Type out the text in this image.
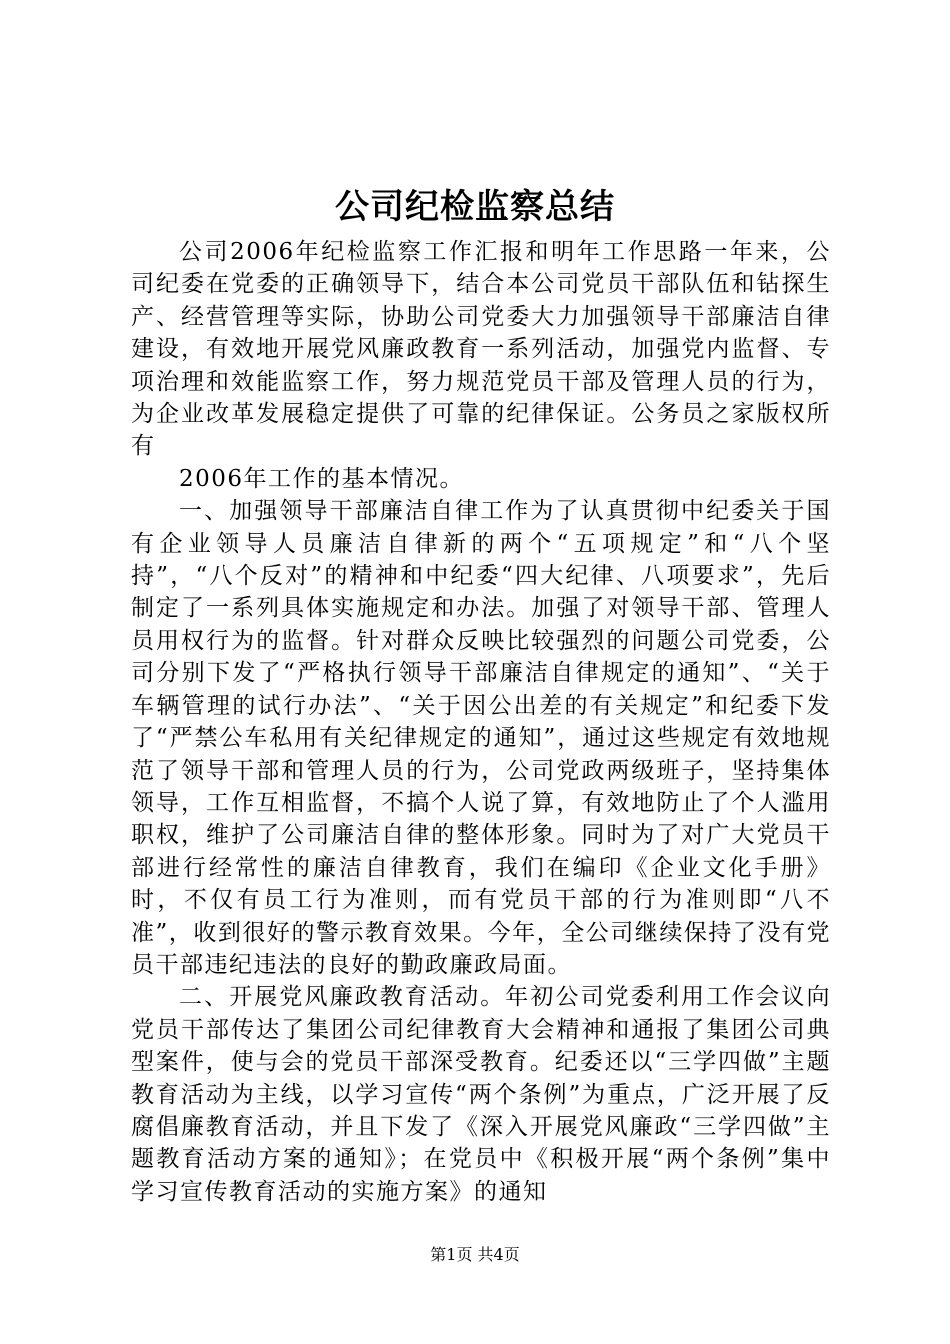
公司纪检监察总结

公司2006年纪检监察工作汇报和明年工作思路一年来，公司纪委在党委的正确领导下，结合本公司党员干部队伍和钻探生产、经营管理等实际，协助公司党委大力加强领导干部廉洁自律建设，有效地开展党风廉政教育一系列活动，加强党内监督、专项治理和效能监察工作，努力规范党员干部及管理人员的行为，为企业改革发展稳定提供了可靠的纪律保证。公务员之家版权所有

2006年工作的基本情况。

一、加强领导干部廉洁自律工作为了认真贯彻中纪委关于国有企业领导人员廉洁自律新的两个“五项规定”和“八个坚持”，“八个反对”的精神和中纪委“四大纪律、八项要求”，先后制定了一系列具体实施规定和办法。加强了对领导干部、管理人员用权行为的监督。针对群众反映比较强烈的问题公司党委，公司分别下发了“严格执行领导干部廉洁自律规定的通知”、“关于车辆管理的试行办法”、“关于因公出差的有关规定”和纪委下发了“严禁公车私用有关纪律规定的通知”，通过这些规定有效地规范了领导干部和管理人员的行为，公司党政两级班子，坚持集体领导，工作互相监督，不搞个人说了算，有效地防止了个人滥用职权，维护了公司廉洁自律的整体形象。同时为了对广大党员干部进行经常性的廉洁自律教育，我们在编印《企业文化手册》时，不仅有员工行为准则，而有党员干部的行为准则即“八不准”，收到很好的警示教育效果。今年，全公司继续保持了没有党员干部违纪违法的良好的勤政廉政局面。

二、开展党风廉政教育活动。年初公司党委利用工作会议向党员干部传达了集团公司纪律教育大会精神和通报了集团公司典型案件，使与会的党员干部深受教育。纪委还以“三学四做”主题教育活动为主线，以学习宣传“两个条例”为重点，广泛开展了反腐倡廉教育活动，并且下发了《深入开展党风廉政“三学四做”主题教育活动方案的通知》；在党员中《积极开展“两个条例”集中学习宣传教育活动的实施方案》的通知

第1页 共4页
